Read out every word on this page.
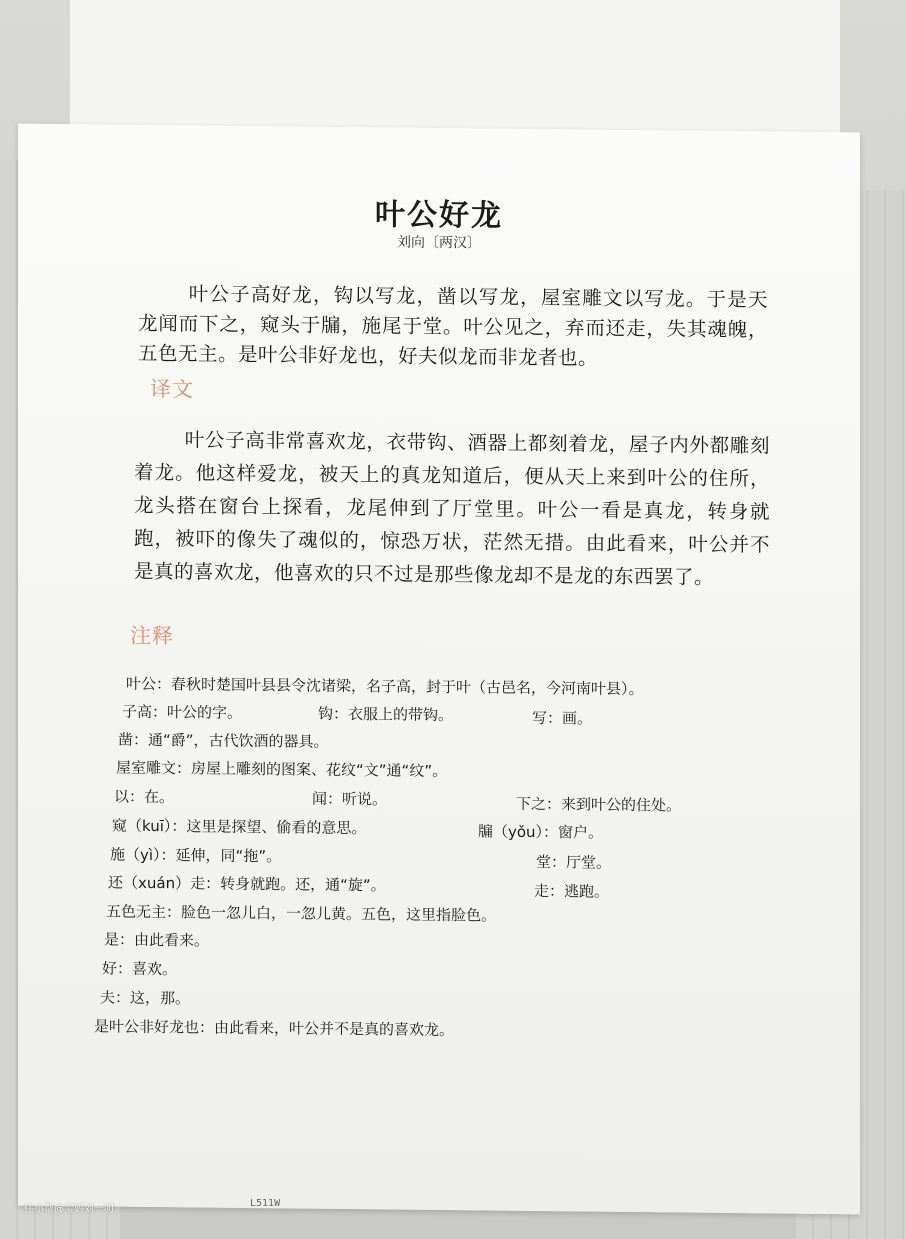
叶公好龙
刘向〔两汉〕
叶公子高好龙，钩以写龙，凿以写龙，屋室雕文以写龙。于是天龙闻而下之，窥头于牖，施尾于堂。叶公见之，弃而还走，失其魂魄，五色无主。是叶公非好龙也，好夫似龙而非龙者也。
译文
叶公子高非常喜欢龙，衣带钩、酒器上都刻着龙，屋子内外都雕刻着龙。他这样爱龙，被天上的真龙知道后，便从天上来到叶公的住所，龙头搭在窗台上探看，龙尾伸到了厅堂里。叶公一看是真龙，转身就跑，被吓的像失了魂似的，惊恐万状，茫然无措。由此看来，叶公并不是真的喜欢龙，他喜欢的只不过是那些像龙却不是龙的东西罢了。
注释
叶公：春秋时楚国叶县县令沈诸梁，名子高，封于叶（古邑名，今河南叶县）。
子高：叶公的字。	钩：衣服上的带钩。	写：画。
凿：通“爵”，古代饮酒的器具。
屋室雕文：房屋上雕刻的图案、花纹“文”通“纹”。
以：在。	闻：听说。	下之：来到叶公的住处。
窥（kuī）：这里是探望、偷看的意思。	牖（yǒu）：窗户。
施（yì）：延伸，同“拖”。	堂：厅堂。
还（xuán）走：转身就跑。还，通“旋”。	走：逃跑。
五色无主：脸色一忽儿白，一忽儿黄。五色，这里指脸色。
是：由此看来。
好：喜欢。
夫：这，那。
是叶公非好龙也：由此看来，叶公并不是真的喜欢龙。
L511W
住小帮@宝妈刘一叨
